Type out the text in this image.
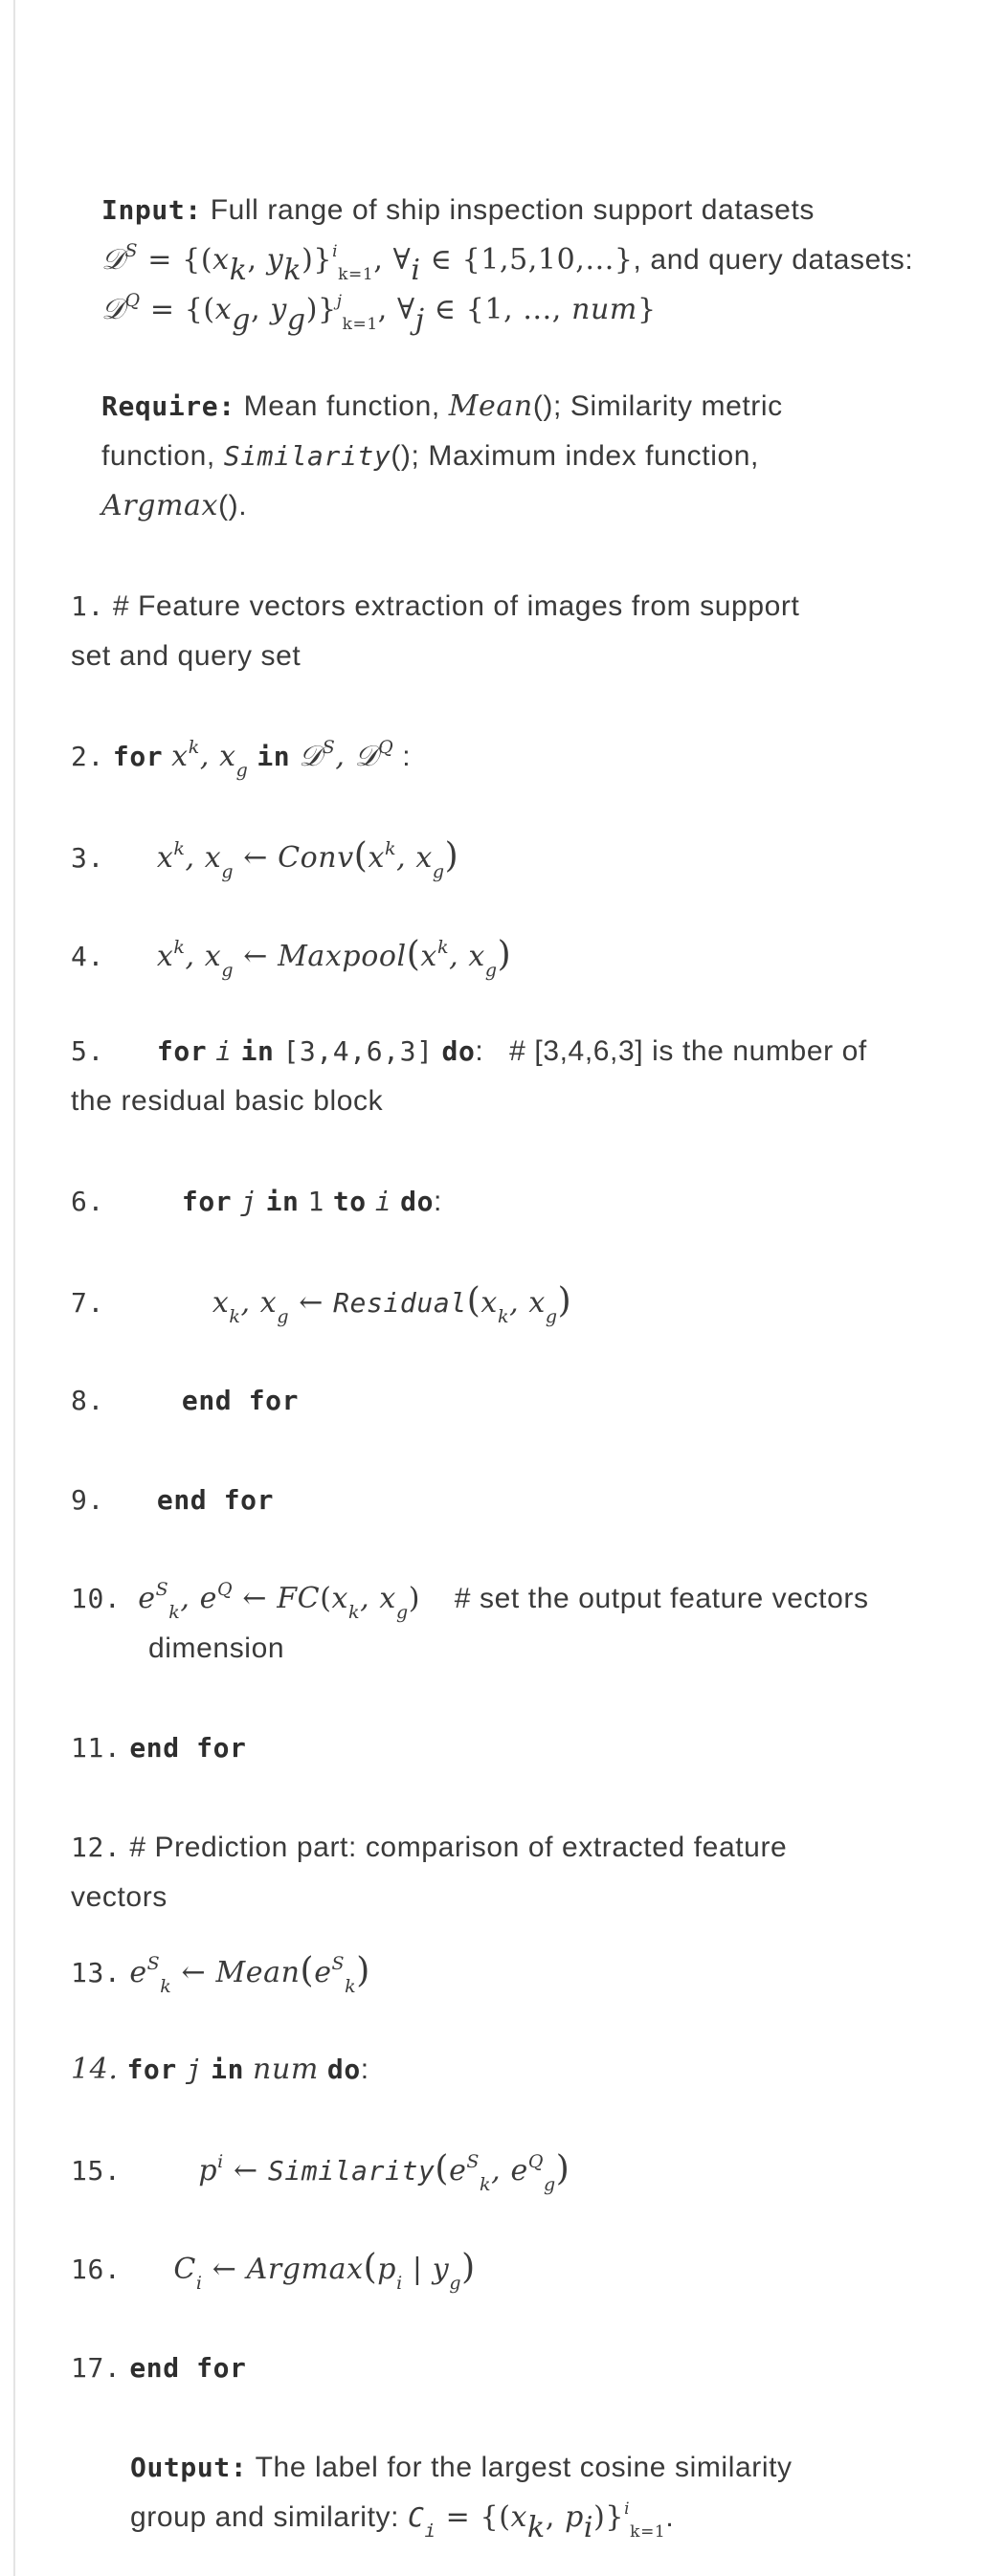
Input: Full range of ship inspection support datasets
𝒟$^S$ = {($x_k$, $y_k)\}^i_{k=1}$, $\forall_i$ ∈ {1,5,10,...}, and query datasets:
𝒟$^Q$ = {($x_g$, $y_g)\}^j_{k=1}$, $\forall_j$ ∈ {1, ..., num}
Require: Mean function, Mean(); Similarity metric
function, Similarity(); Maximum index function,
Argmax().
1. # Feature vectors extraction of images from support
set and query set
2. for $x^k$, $x_g$ in 𝒟$^S$, 𝒟$^Q$ :
3. $x^k$, $x_g$ ← $Conv(x^k$, $x_g$)
4. $x^k$, $x_g$ ← $Maxpool(x^k$, $x_g$)
5. for i in [3,4,6,3] do:   # [3,4,6,3] is the number of
the residual basic block
6.	for j in 1 to i do:
7.	$x_k$, $x_g$ ← $Residual(x_k$, $x_g$)
8.	end for
9. end for
10. $e^S_k$, $e^Q$ ← $FC(x_k$, $x_g$) # set the output feature vectors
dimension
11. end for
12. # Prediction part: comparison of extracted feature
vectors
13. $e^S_k$ ← $Mean(e^S_k)$
14. for j in num do:
15.	$p^i$ ← $Similarity(e^S_k$, $e^Q_g$)
16. $C_i$ ← $Argmax(p_i$ | $y_g$)
17. end for
Output: The label for the largest cosine similarity
group and similarity: $C_i = \{(x_k$, $p_i)\}^i_{k=1}$.
